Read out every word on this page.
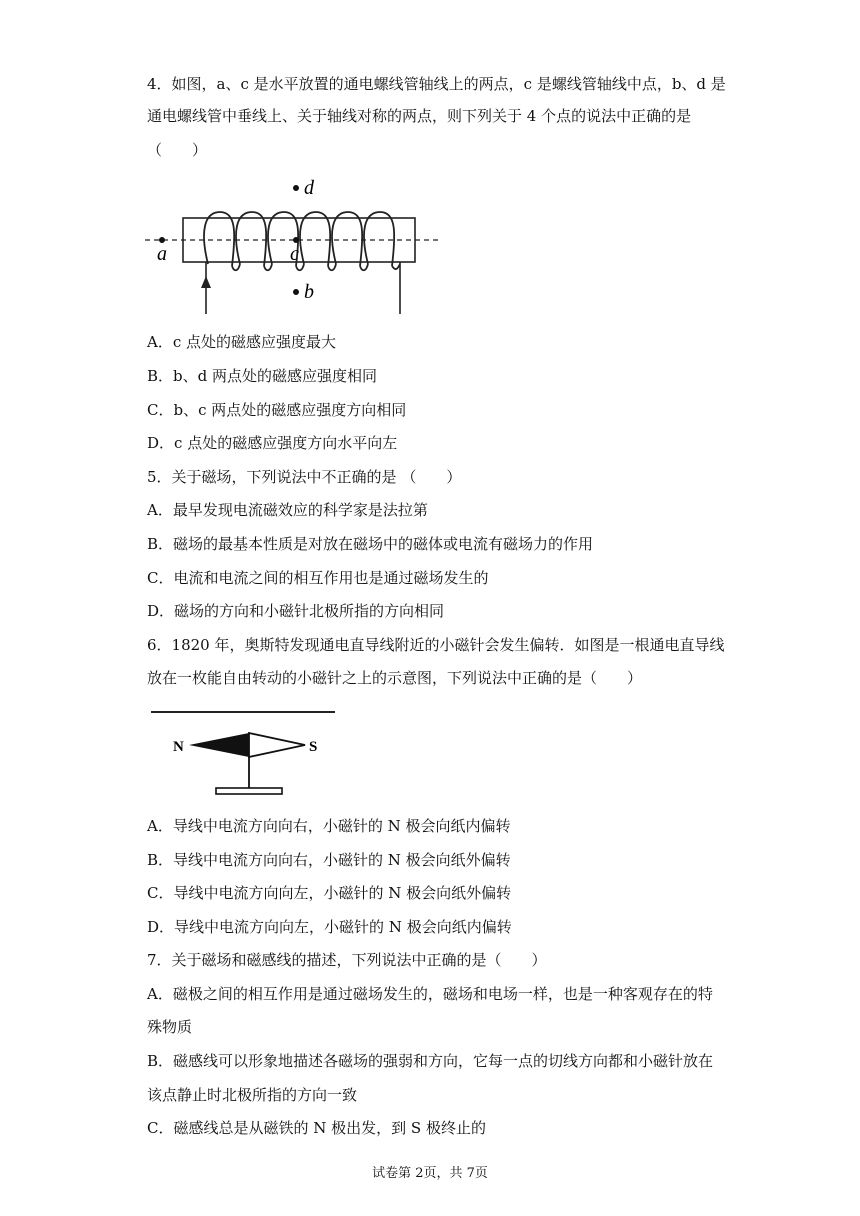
4．如图，a、c 是水平放置的通电螺线管轴线上的两点，c 是螺线管轴线中点，b、d 是
通电螺线管中垂线上、关于轴线对称的两点，则下列关于 4 个点的说法中正确的是
（　　）
a	c
d
b
A．c 点处的磁感应强度最大
B．b、d 两点处的磁感应强度相同
C．b、c 两点处的磁感应强度方向相同
D．c 点处的磁感应强度方向水平向左
5．关于磁场，下列说法中不正确的是 （　　）
A．最早发现电流磁效应的科学家是法拉第
B．磁场的最基本性质是对放在磁场中的磁体或电流有磁场力的作用
C．电流和电流之间的相互作用也是通过磁场发生的
D．磁场的方向和小磁针北极所指的方向相同
6．1820 年，奥斯特发现通电直导线附近的小磁针会发生偏转．如图是一根通电直导线
放在一枚能自由转动的小磁针之上的示意图，下列说法中正确的是（　　）
N	S
A．导线中电流方向向右，小磁针的 N 极会向纸内偏转
B．导线中电流方向向右，小磁针的 N 极会向纸外偏转
C．导线中电流方向向左，小磁针的 N 极会向纸外偏转
D．导线中电流方向向左，小磁针的 N 极会向纸内偏转
7．关于磁场和磁感线的描述，下列说法中正确的是（　　）
A．磁极之间的相互作用是通过磁场发生的，磁场和电场一样，也是一种客观存在的特
殊物质
B．磁感线可以形象地描述各磁场的强弱和方向，它每一点的切线方向都和小磁针放在
该点静止时北极所指的方向一致
C．磁感线总是从磁铁的 N 极出发，到 S 极终止的
试卷第 2页，共 7页
